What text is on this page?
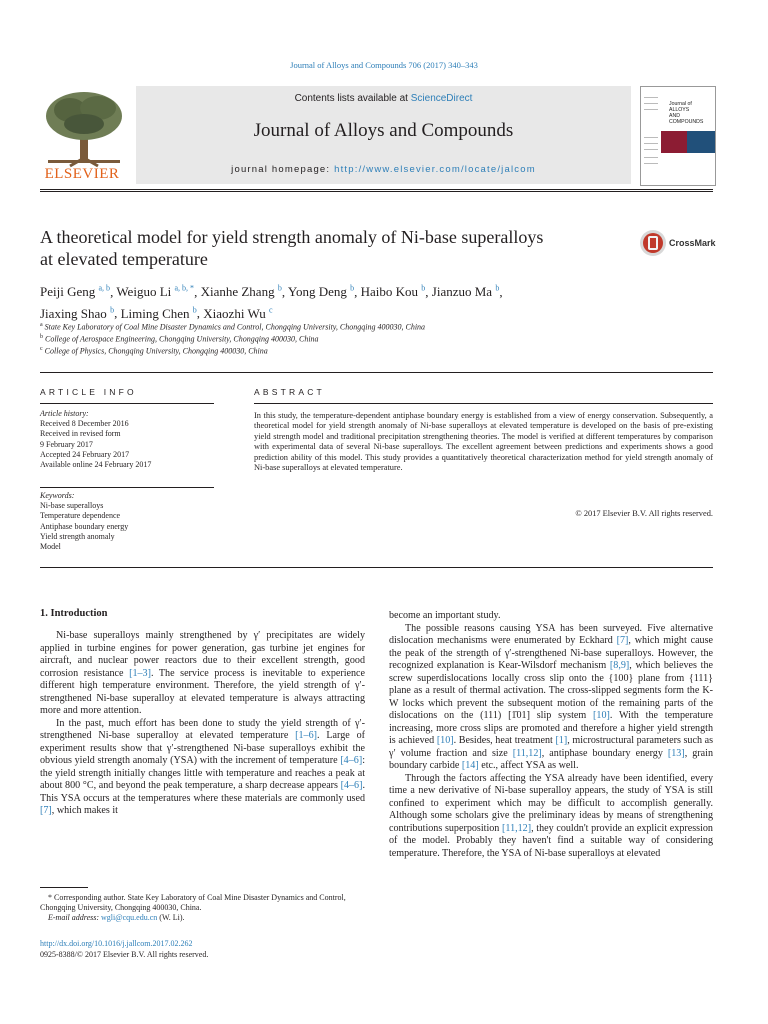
Journal of Alloys and Compounds 706 (2017) 340–343
ELSEVIER
Contents lists available at ScienceDirect
Journal of Alloys and Compounds
journal homepage: http://www.elsevier.com/locate/jalcom
Journal of
ALLOYS
AND COMPOUNDS
A theoretical model for yield strength anomaly of Ni-base superalloys
at elevated temperature
CrossMark
Peiji Geng $^{a, b}$, Weiguo Li $^{a, b, *}$, Xianhe Zhang $^b$, Yong Deng $^b$, Haibo Kou $^b$, Jianzuo Ma $^b$,
Jiaxing Shao $^b$, Liming Chen $^b$, Xiaozhi Wu $^c$
$^a$ State Key Laboratory of Coal Mine Disaster Dynamics and Control, Chongqing University, Chongqing 400030, China
$^b$ College of Aerospace Engineering, Chongqing University, Chongqing 400030, China
$^c$ College of Physics, Chongqing University, Chongqing 400030, China
ARTICLE INFO
Article history:
Received 8 December 2016
Received in revised form
9 February 2017
Accepted 24 February 2017
Available online 24 February 2017
Keywords:
Ni-base superalloys
Temperature dependence
Antiphase boundary energy
Yield strength anomaly
Model
ABSTRACT
In this study, the temperature-dependent antiphase boundary energy is established from a view of energy conservation. Subsequently, a theoretical model for yield strength anomaly of Ni-base superalloys at elevated temperature is developed on the basis of pre-existing yield strength model and traditional precipitation strengthening theories. The model is verified at different temperatures by comparison with experimental data of several Ni-base superalloys. The excellent agreement between predictions and experiments shows a good prediction ability of this model. This study provides a quantitatively theoretical characterization method for yield strength anomaly of Ni-base superalloys at elevated temperature.
© 2017 Elsevier B.V. All rights reserved.
1. Introduction

Ni-base superalloys mainly strengthened by γ′ precipitates are widely applied in turbine engines for power generation, gas turbine jet engines for aircraft, and nuclear power reactors due to their excellent strength, good corrosion resistance [1–3]. The service process is inevitable to experience different high temperature environment. Therefore, the yield strength of γ′-strengthened Ni-base superalloy at elevated temperature is always attracting more and more attention.

In the past, much effort has been done to study the yield strength of γ′-strengthened Ni-base superalloy at elevated temperature [1–6]. Large of experiment results show that γ′-strengthened Ni-base superalloys exhibit the obvious yield strength anomaly (YSA) with the increment of temperature [4–6]: the yield strength initially changes little with temperature and reaches a peak at about 800 °C, and beyond the peak temperature, a sharp decrease appears [4–6]. This YSA occurs at the temperatures where these materials are commonly used [7], which makes it

become an important study.

The possible reasons causing YSA has been surveyed. Five alternative dislocation mechanisms were enumerated by Eckhard [7], which might cause the peak of the strength of γ′-strengthened Ni-base superalloys. However, the recognized explanation is Kear-Wilsdorf mechanism [8,9], which believes the screw superdislocations locally cross slip onto the {100} plane from {111} plane as a result of thermal activation. The cross-slipped segments form the K-W locks which prevent the subsequent motion of the remaining parts of the dislocations on the (111) [1̄01] slip system [10]. With the temperature increasing, more cross slips are promoted and therefore a higher yield strength is achieved [10]. Besides, heat treatment [1], microstructural parameters such as γ′ volume fraction and size [11,12], antiphase boundary energy [13], grain boundary carbide [14] etc., affect YSA as well.

Through the factors affecting the YSA already have been identified, every time a new derivative of Ni-base superalloy appears, the study of YSA is still confined to experiment which may be difficult to accomplish generally. Although some scholars give the preliminary ideas by means of strengthening contributions superposition [11,12], they couldn't provide an explicit expression of the model. Probably they haven't find a suitable way of considering temperature. Therefore, the YSA of Ni-base superalloys at elevated

* Corresponding author. State Key Laboratory of Coal Mine Disaster Dynamics and Control, Chongqing University, Chongqing 400030, China.
E-mail address: wgli@cqu.edu.cn (W. Li).
http://dx.doi.org/10.1016/j.jallcom.2017.02.262
0925-8388/© 2017 Elsevier B.V. All rights reserved.
